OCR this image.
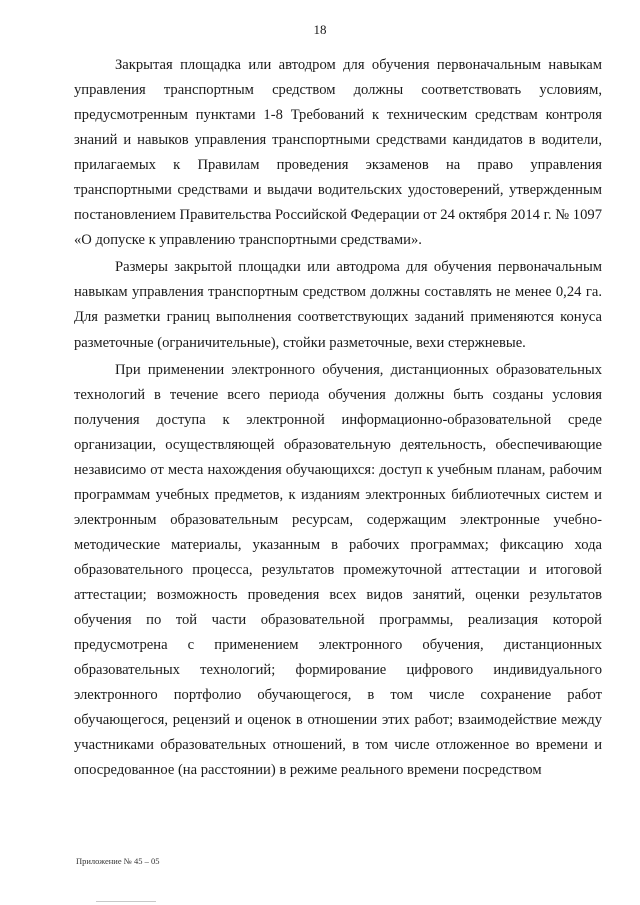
18

Закрытая площадка или автодром для обучения первоначальным навыкам управления транспортным средством должны соответствовать условиям, предусмотренным пунктами 1-8 Требований к техническим средствам контроля знаний и навыков управления транспортными средствами кандидатов в водители, прилагаемых к Правилам проведения экзаменов на право управления транспортными средствами и выдачи водительских удостоверений, утвержденным постановлением Правительства Российской Федерации от 24 октября 2014 г. № 1097 «О допуске к управлению транспортными средствами».

Размеры закрытой площадки или автодрома для обучения первоначальным навыкам управления транспортным средством должны составлять не менее 0,24 га. Для разметки границ выполнения соответствующих заданий применяются конуса разметочные (ограничительные), стойки разметочные, вехи стержневые.

При применении электронного обучения, дистанционных образовательных технологий в течение всего периода обучения должны быть созданы условия получения доступа к электронной информационно-образовательной среде организации, осуществляющей образовательную деятельность, обеспечивающие независимо от места нахождения обучающихся: доступ к учебным планам, рабочим программам учебных предметов, к изданиям электронных библиотечных систем и электронным образовательным ресурсам, содержащим электронные учебно-методические материалы, указанным в рабочих программах; фиксацию хода образовательного процесса, результатов промежуточной аттестации и итоговой аттестации; возможность проведения всех видов занятий, оценки результатов обучения по той части образовательной программы, реализация которой предусмотрена с применением электронного обучения, дистанционных образовательных технологий; формирование цифрового индивидуального электронного портфолио обучающегося, в том числе сохранение работ обучающегося, рецензий и оценок в отношении этих работ; взаимодействие между участниками образовательных отношений, в том числе отложенное во времени и опосредованное (на расстоянии) в режиме реального времени посредством

Приложение № 45 – 05
